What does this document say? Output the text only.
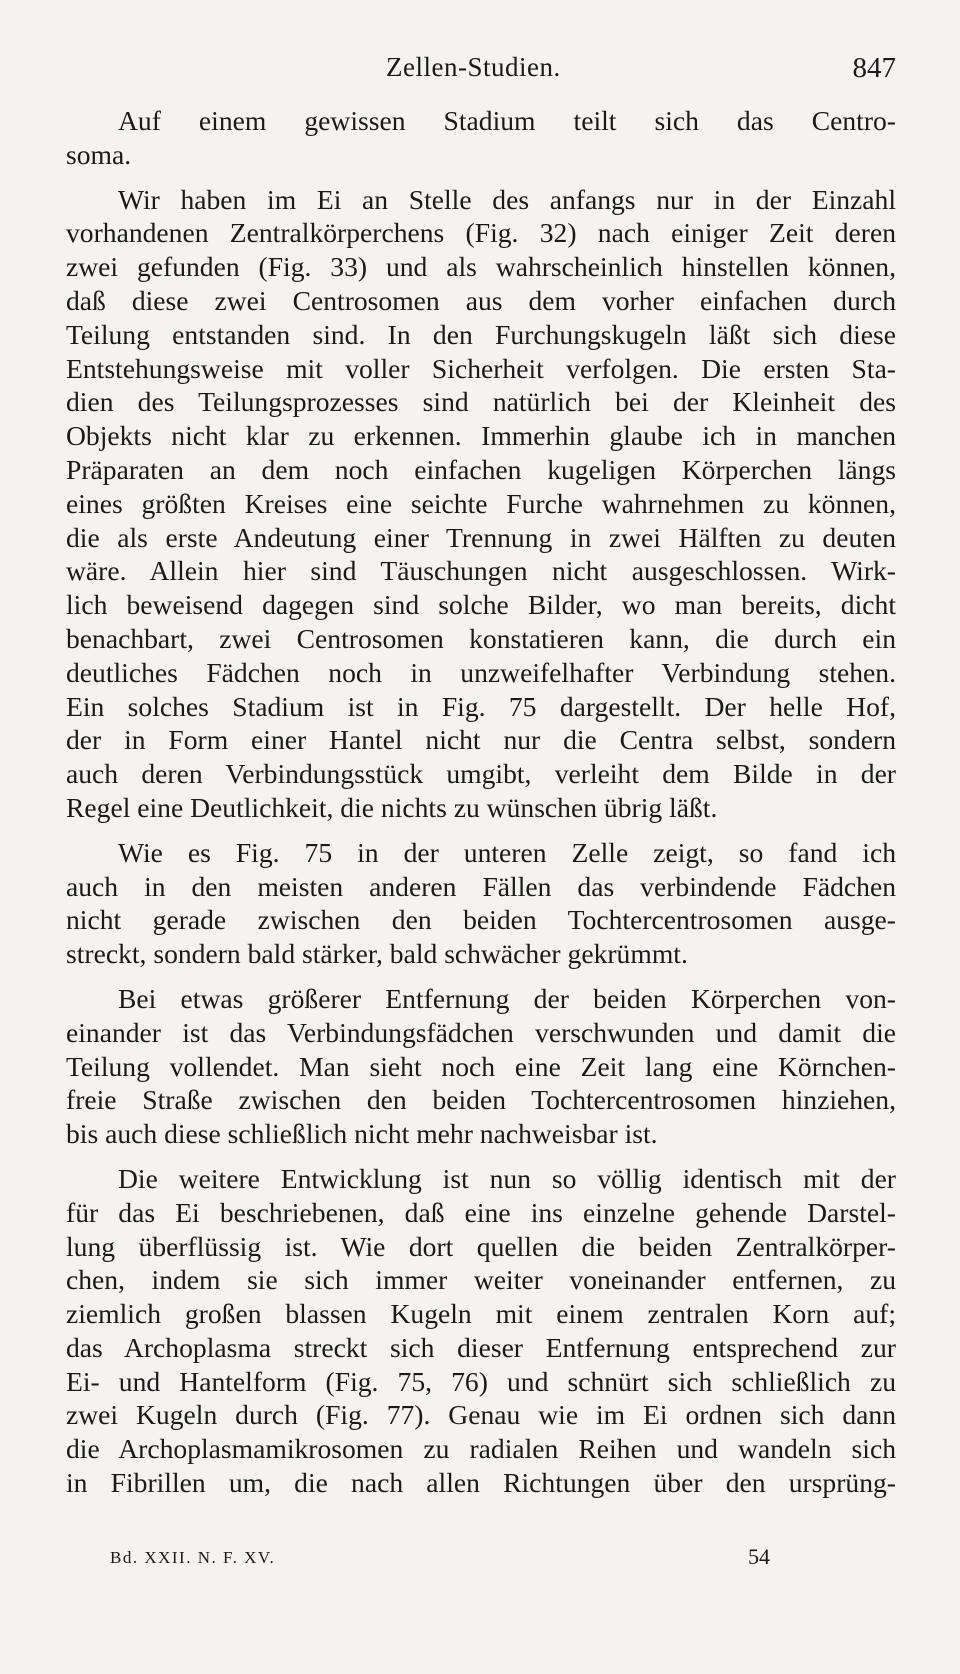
Zellen-Studien.	847

Auf einem gewissen Stadium teilt sich das Centro-
soma.

Wir haben im Ei an Stelle des anfangs nur in der Einzahl
vorhandenen Zentralkörperchens (Fig. 32) nach einiger Zeit deren
zwei gefunden (Fig. 33) und als wahrscheinlich hinstellen können,
daß diese zwei Centrosomen aus dem vorher einfachen durch
Teilung entstanden sind. In den Furchungskugeln läßt sich diese
Entstehungsweise mit voller Sicherheit verfolgen. Die ersten Sta-
dien des Teilungsprozesses sind natürlich bei der Kleinheit des
Objekts nicht klar zu erkennen. Immerhin glaube ich in manchen
Präparaten an dem noch einfachen kugeligen Körperchen längs
eines größten Kreises eine seichte Furche wahrnehmen zu können,
die als erste Andeutung einer Trennung in zwei Hälften zu deuten
wäre. Allein hier sind Täuschungen nicht ausgeschlossen. Wirk-
lich beweisend dagegen sind solche Bilder, wo man bereits, dicht
benachbart, zwei Centrosomen konstatieren kann, die durch ein
deutliches Fädchen noch in unzweifelhafter Verbindung stehen.
Ein solches Stadium ist in Fig. 75 dargestellt. Der helle Hof,
der in Form einer Hantel nicht nur die Centra selbst, sondern
auch deren Verbindungsstück umgibt, verleiht dem Bilde in der
Regel eine Deutlichkeit, die nichts zu wünschen übrig läßt.

Wie es Fig. 75 in der unteren Zelle zeigt, so fand ich
auch in den meisten anderen Fällen das verbindende Fädchen
nicht gerade zwischen den beiden Tochtercentrosomen ausge-
streckt, sondern bald stärker, bald schwächer gekrümmt.

Bei etwas größerer Entfernung der beiden Körperchen von-
einander ist das Verbindungsfädchen verschwunden und damit die
Teilung vollendet. Man sieht noch eine Zeit lang eine Körnchen-
freie Straße zwischen den beiden Tochtercentrosomen hinziehen,
bis auch diese schließlich nicht mehr nachweisbar ist.

Die weitere Entwicklung ist nun so völlig identisch mit der
für das Ei beschriebenen, daß eine ins einzelne gehende Darstel-
lung überflüssig ist. Wie dort quellen die beiden Zentralkörper-
chen, indem sie sich immer weiter voneinander entfernen, zu
ziemlich großen blassen Kugeln mit einem zentralen Korn auf;
das Archoplasma streckt sich dieser Entfernung entsprechend zur
Ei- und Hantelform (Fig. 75, 76) und schnürt sich schließlich zu
zwei Kugeln durch (Fig. 77). Genau wie im Ei ordnen sich dann
die Archoplasmamikrosomen zu radialen Reihen und wandeln sich
in Fibrillen um, die nach allen Richtungen über den ursprüng-

Bd. XXII. N. F. XV.	54
